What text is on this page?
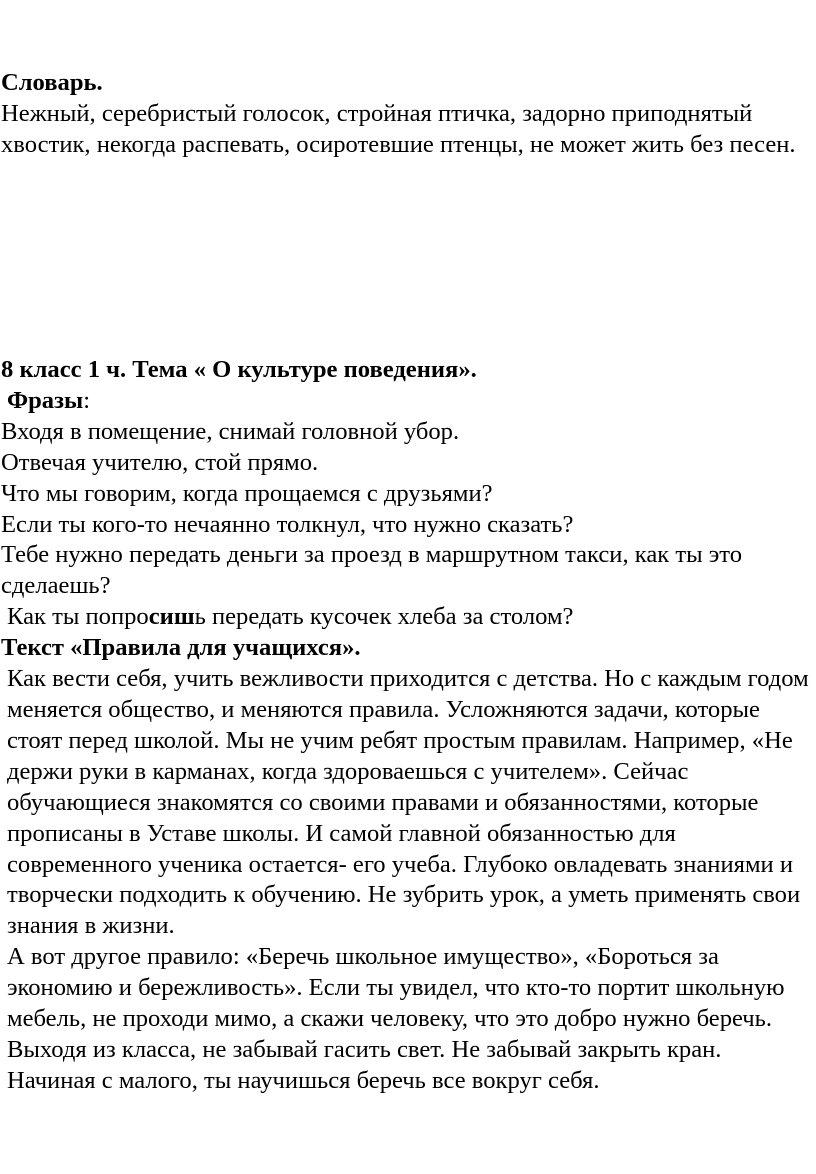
Словарь.

Нежный, серебристый голосок, стройная птичка, задорно приподнятый хвостик, некогда распевать, осиротевшие птенцы, не может жить без песен.

8 класс 1 ч. Тема « О культуре поведения».

Фразы:

Входя в помещение, снимай головной убор.

Отвечая учителю, стой прямо.

Что мы говорим, когда прощаемся с друзьями?

Если ты кого-то нечаянно толкнул, что нужно сказать?

Тебе нужно передать деньги за проезд в маршрутном такси, как ты это сделаешь?

Как ты попросишь передать кусочек хлеба за столом?

Текст «Правила для учащихся».

Как вести себя, учить вежливости приходится с детства. Но с каждым годом меняется общество, и меняются правила. Усложняются задачи, которые стоят перед школой. Мы не учим ребят простым правилам. Например, «Не держи руки в карманах, когда здороваешься с учителем». Сейчас обучающиеся знакомятся со своими правами и обязанностями, которые прописаны в Уставе школы. И самой главной обязанностью для современного ученика остается- его учеба. Глубоко овладевать знаниями и творчески подходить к обучению. Не зубрить урок, а уметь применять свои знания в жизни.

А вот другое правило: «Беречь школьное имущество», «Бороться за экономию и бережливость». Если ты увидел, что кто-то портит школьную мебель, не проходи мимо, а скажи человеку, что это добро нужно беречь.

Выходя из класса, не забывай гасить свет. Не забывай закрыть кран. Начиная с малого, ты научишься беречь все вокруг себя.
